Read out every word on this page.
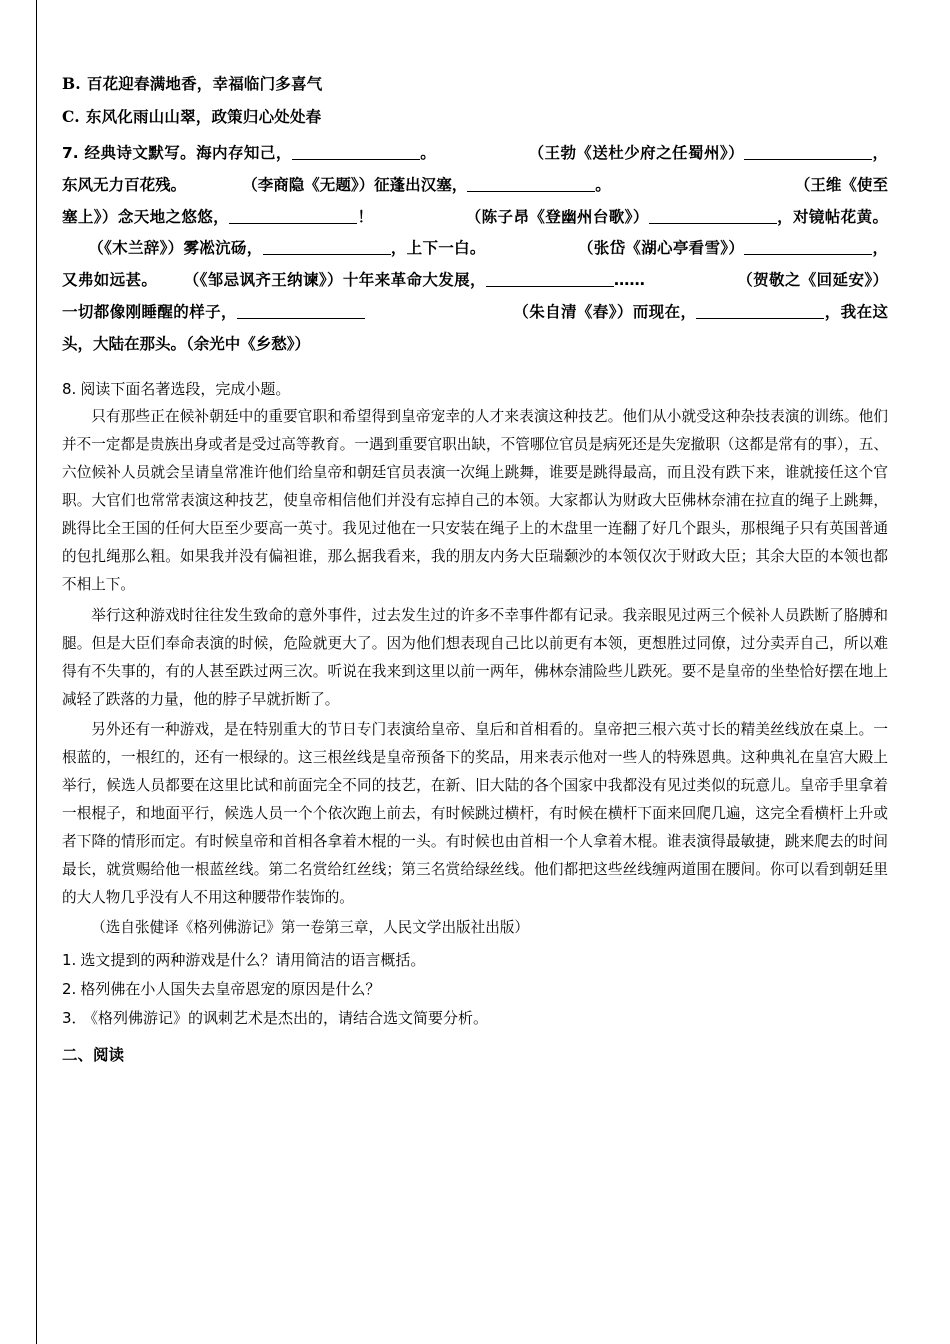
B. 百花迎春满地香，幸福临门多喜气

C. 东风化雨山山翠，政策归心处处春

7. 经典诗文默写。海内存知己，	。	（王勃《送杜少府之任蜀州》）	，东风无力百花残。	（李商隐《无题》）征蓬出汉塞，	。	（王维《使至塞上》）念天地之悠悠，	！	（陈子昂《登幽州台歌》）	，对镜帖花黄。（《木兰辞》）雾凇沆砀，	，上下一白。	（张岱《湖心亭看雪》）	，又弗如远甚。 （《邹忌讽齐王纳谏》）十年来革命大发展，	……	（贺敬之《回延安》）一切都像刚睡醒的样子，	（朱自清《春》）而现在，	，我在这头，大陆在那头。（余光中《乡愁》）

8. 阅读下面名著选段，完成小题。

只有那些正在候补朝廷中的重要官职和希望得到皇帝宠幸的人才来表演这种技艺。他们从小就受这种杂技表演的训练。他们并不一定都是贵族出身或者是受过高等教育。一遇到重要官职出缺，不管哪位官员是病死还是失宠撤职（这都是常有的事），五、六位候补人员就会呈请皇常准许他们给皇帝和朝廷官员表演一次绳上跳舞，谁要是跳得最高，而且没有跌下来，谁就接任这个官职。大官们也常常表演这种技艺，使皇帝相信他们并没有忘掉自己的本领。大家都认为财政大臣佛林奈浦在拉直的绳子上跳舞，跳得比全王国的任何大臣至少要高一英寸。我见过他在一只安装在绳子上的木盘里一连翻了好几个跟头，那根绳子只有英国普通的包扎绳那么粗。如果我并没有偏袒谁，那么据我看来，我的朋友内务大臣瑞颡沙的本领仅次于财政大臣；其余大臣的本领也都不相上下。

举行这种游戏时往往发生致命的意外事件，过去发生过的许多不幸事件都有记录。我亲眼见过两三个候补人员跌断了胳膊和腿。但是大臣们奉命表演的时候，危险就更大了。因为他们想表现自己比以前更有本领，更想胜过同僚，过分卖弄自己，所以难得有不失事的，有的人甚至跌过两三次。听说在我来到这里以前一两年，佛林奈浦险些儿跌死。要不是皇帝的坐垫恰好摆在地上减轻了跌落的力量，他的脖子早就折断了。

另外还有一种游戏，是在特别重大的节日专门表演给皇帝、皇后和首相看的。皇帝把三根六英寸长的精美丝线放在桌上。一根蓝的，一根红的，还有一根绿的。这三根丝线是皇帝预备下的奖品，用来表示他对一些人的特殊恩典。这种典礼在皇宫大殿上举行，候选人员都要在这里比试和前面完全不同的技艺，在新、旧大陆的各个国家中我都没有见过类似的玩意儿。皇帝手里拿着一根棍子，和地面平行，候选人员一个个依次跑上前去，有时候跳过横杆，有时候在横杆下面来回爬几遍，这完全看横杆上升或者下降的情形而定。有时候皇帝和首相各拿着木棍的一头。有时候也由首相一个人拿着木棍。谁表演得最敏捷，跳来爬去的时间最长，就赏赐给他一根蓝丝线。第二名赏给红丝线；第三名赏给绿丝线。他们都把这些丝线缠两道围在腰间。你可以看到朝廷里的大人物几乎没有人不用这种腰带作装饰的。

（选自张健译《格列佛游记》第一卷第三章，人民文学出版社出版）

1. 选文提到的两种游戏是什么？请用简洁的语言概括。

2. 格列佛在小人国失去皇帝恩宠的原因是什么？

3． 《格列佛游记》的讽刺艺术是杰出的，请结合选文简要分析。

二、阅读
